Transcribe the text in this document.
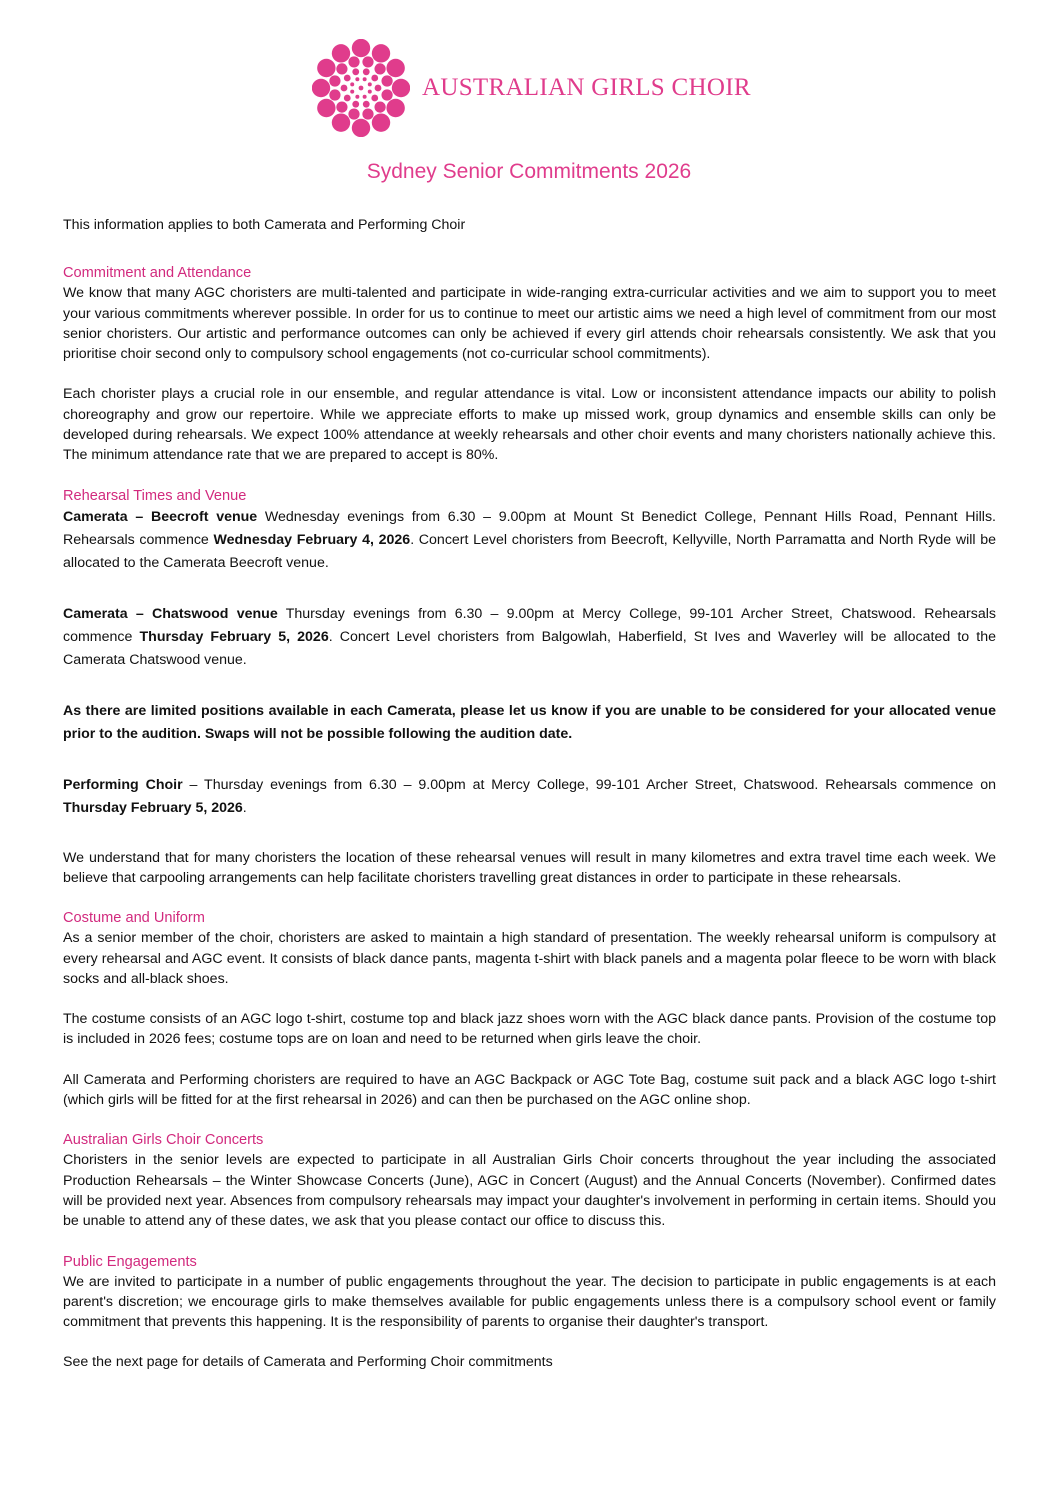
AUSTRALIAN GIRLS CHOIR
Sydney Senior Commitments 2026

This information applies to both Camerata and Performing Choir

Commitment and Attendance

We know that many AGC choristers are multi-talented and participate in wide-ranging extra-curricular activities and we aim to support you to meet your various commitments wherever possible. In order for us to continue to meet our artistic aims we need a high level of commitment from our most senior choristers. Our artistic and performance outcomes can only be achieved if every girl attends choir rehearsals consistently. We ask that you prioritise choir second only to compulsory school engagements (not co-curricular school commitments).

Each chorister plays a crucial role in our ensemble, and regular attendance is vital. Low or inconsistent attendance impacts our ability to polish choreography and grow our repertoire. While we appreciate efforts to make up missed work, group dynamics and ensemble skills can only be developed during rehearsals. We expect 100% attendance at weekly rehearsals and other choir events and many choristers nationally achieve this. The minimum attendance rate that we are prepared to accept is 80%.

Rehearsal Times and Venue

Camerata – Beecroft venue Wednesday evenings from 6.30 – 9.00pm at Mount St Benedict College, Pennant Hills Road, Pennant Hills. Rehearsals commence Wednesday February 4, 2026. Concert Level choristers from Beecroft, Kellyville, North Parramatta and North Ryde will be allocated to the Camerata Beecroft venue.

Camerata – Chatswood venue Thursday evenings from 6.30 – 9.00pm at Mercy College, 99-101 Archer Street, Chatswood. Rehearsals commence Thursday February 5, 2026. Concert Level choristers from Balgowlah, Haberfield, St Ives and Waverley will be allocated to the Camerata Chatswood venue.

As there are limited positions available in each Camerata, please let us know if you are unable to be considered for your allocated venue prior to the audition. Swaps will not be possible following the audition date.

Performing Choir – Thursday evenings from 6.30 – 9.00pm at Mercy College, 99-101 Archer Street, Chatswood. Rehearsals commence on Thursday February 5, 2026.

We understand that for many choristers the location of these rehearsal venues will result in many kilometres and extra travel time each week. We believe that carpooling arrangements can help facilitate choristers travelling great distances in order to participate in these rehearsals.

Costume and Uniform

As a senior member of the choir, choristers are asked to maintain a high standard of presentation. The weekly rehearsal uniform is compulsory at every rehearsal and AGC event. It consists of black dance pants, magenta t-shirt with black panels and a magenta polar fleece to be worn with black socks and all-black shoes.

The costume consists of an AGC logo t-shirt, costume top and black jazz shoes worn with the AGC black dance pants. Provision of the costume top is included in 2026 fees; costume tops are on loan and need to be returned when girls leave the choir.

All Camerata and Performing choristers are required to have an AGC Backpack or AGC Tote Bag, costume suit pack and a black AGC logo t-shirt (which girls will be fitted for at the first rehearsal in 2026) and can then be purchased on the AGC online shop.

Australian Girls Choir Concerts

Choristers in the senior levels are expected to participate in all Australian Girls Choir concerts throughout the year including the associated Production Rehearsals – the Winter Showcase Concerts (June), AGC in Concert (August) and the Annual Concerts (November). Confirmed dates will be provided next year. Absences from compulsory rehearsals may impact your daughter's involvement in performing in certain items. Should you be unable to attend any of these dates, we ask that you please contact our office to discuss this.

Public Engagements

We are invited to participate in a number of public engagements throughout the year. The decision to participate in public engagements is at each parent's discretion; we encourage girls to make themselves available for public engagements unless there is a compulsory school event or family commitment that prevents this happening. It is the responsibility of parents to organise their daughter's transport.

See the next page for details of Camerata and Performing Choir commitments
